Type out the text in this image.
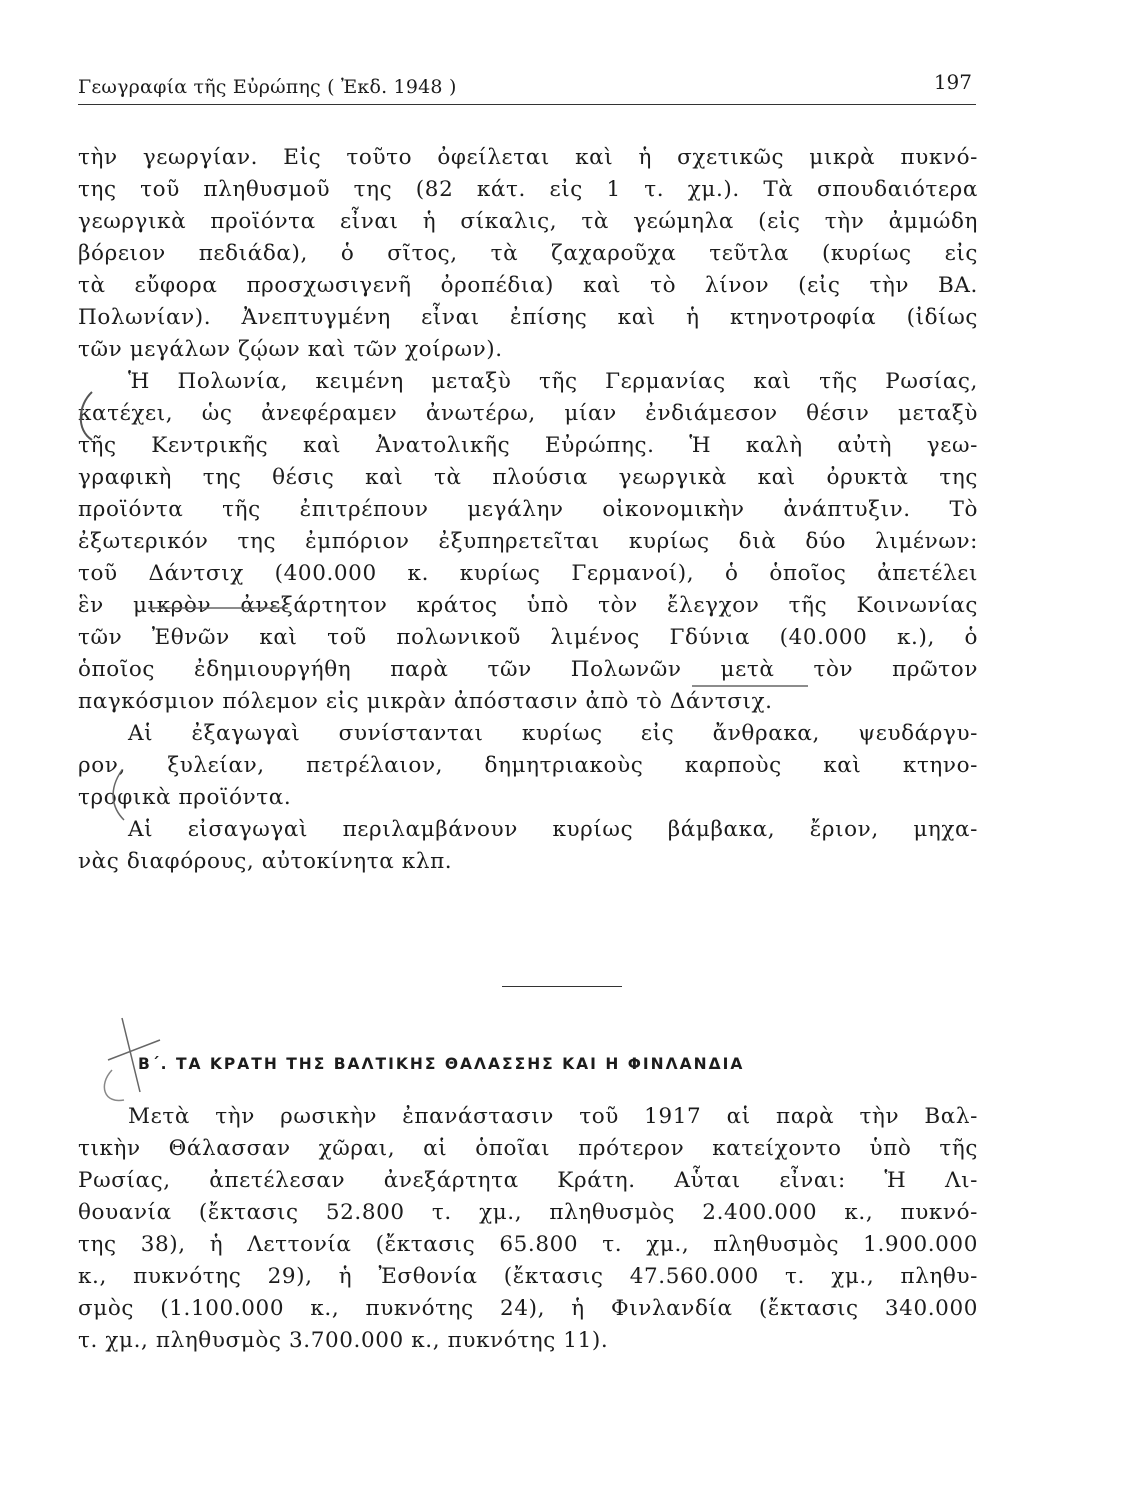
Γεωγραφία τῆς Εὐρώπης ( Ἐκδ. 1948 )	197

τὴν γεωργίαν. Εἰς τοῦτο ὀφείλεται καὶ ἡ σχετικῶς μικρὰ πυκνό-
της τοῦ πληθυσμοῦ της (82 κάτ. εἰς 1 τ. χμ.). Τὰ σπουδαιότερα
γεωργικὰ προϊόντα εἶναι ἡ σίκαλις, τὰ γεώμηλα (εἰς τὴν ἀμμώδη
βόρειον πεδιάδα), ὁ σῖτος, τὰ ζαχαροῦχα τεῦτλα (κυρίως εἰς
τὰ εὔφορα προσχωσιγενῆ ὀροπέδια) καὶ τὸ λίνον (εἰς τὴν ΒΑ.
Πολωνίαν). Ἀνεπτυγμένη εἶναι ἐπίσης καὶ ἡ κτηνοτροφία (ἰδίως
τῶν μεγάλων ζῴων καὶ τῶν χοίρων).

Ἡ Πολωνία, κειμένη μεταξὺ τῆς Γερμανίας καὶ τῆς Ρωσίας,
κατέχει, ὡς ἀνεφέραμεν ἀνωτέρω, μίαν ἐνδιάμεσον θέσιν μεταξὺ
τῆς Κεντρικῆς καὶ Ἀνατολικῆς Εὐρώπης. Ἡ καλὴ αὐτὴ γεω-
γραφικὴ της θέσις καὶ τὰ πλούσια γεωργικὰ καὶ ὀρυκτὰ της
προϊόντα τῆς ἐπιτρέπουν μεγάλην οἰκονομικὴν ἀνάπτυξιν. Τὸ
ἐξωτερικόν της ἐμπόριον ἐξυπηρετεῖται κυρίως διὰ δύο λιμένων:
τοῦ Δάντσιχ (400.000 κ. κυρίως Γερμανοί), ὁ ὁποῖος ἀπετέλει
ἓν μικρὸν ἀνεξάρτητον κράτος ὑπὸ τὸν ἔλεγχον τῆς Κοινωνίας
τῶν Ἐθνῶν καὶ τοῦ πολωνικοῦ λιμένος Γδύνια (40.000 κ.), ὁ
ὁποῖος ἐδημιουργήθη παρὰ τῶν Πολωνῶν μετὰ τὸν πρῶτον
παγκόσμιον πόλεμον εἰς μικρὰν ἀπόστασιν ἀπὸ τὸ Δάντσιχ.

Αἱ ἐξαγωγαὶ συνίστανται κυρίως εἰς ἄνθρακα, ψευδάργυ-
ρον, ξυλείαν, πετρέλαιον, δημητριακοὺς καρποὺς καὶ κτηνο-
τροφικὰ προϊόντα.

Αἱ εἰσαγωγαὶ περιλαμβάνουν κυρίως βάμβακα, ἔριον, μηχα-
νὰς διαφόρους, αὐτοκίνητα κλπ.

Β΄. ΤΑ ΚΡΑΤΗ ΤΗΣ ΒΑΛΤΙΚΗΣ ΘΑΛΑΣΣΗΣ ΚΑΙ Η ΦΙΝΛΑΝΔΙΑ
Μετὰ τὴν ρωσικὴν ἐπανάστασιν τοῦ 1917 αἱ παρὰ τὴν Βαλ-
τικὴν Θάλασσαν χῶραι, αἱ ὁποῖαι πρότερον κατείχοντο ὑπὸ τῆς
Ρωσίας, ἀπετέλεσαν ἀνεξάρτητα Κράτη. Αὗται εἶναι: Ἡ Λι-
θουανία (ἔκτασις 52.800 τ. χμ., πληθυσμὸς 2.400.000 κ., πυκνό-
της 38), ἡ Λεττονία (ἔκτασις 65.800 τ. χμ., πληθυσμὸς 1.900.000
κ., πυκνότης 29), ἡ Ἐσθονία (ἔκτασις 47.560.000 τ. χμ., πληθυ-
σμὸς (1.100.000 κ., πυκνότης 24), ἡ Φινλανδία (ἔκτασις 340.000
τ. χμ., πληθυσμὸς 3.700.000 κ., πυκνότης 11).
